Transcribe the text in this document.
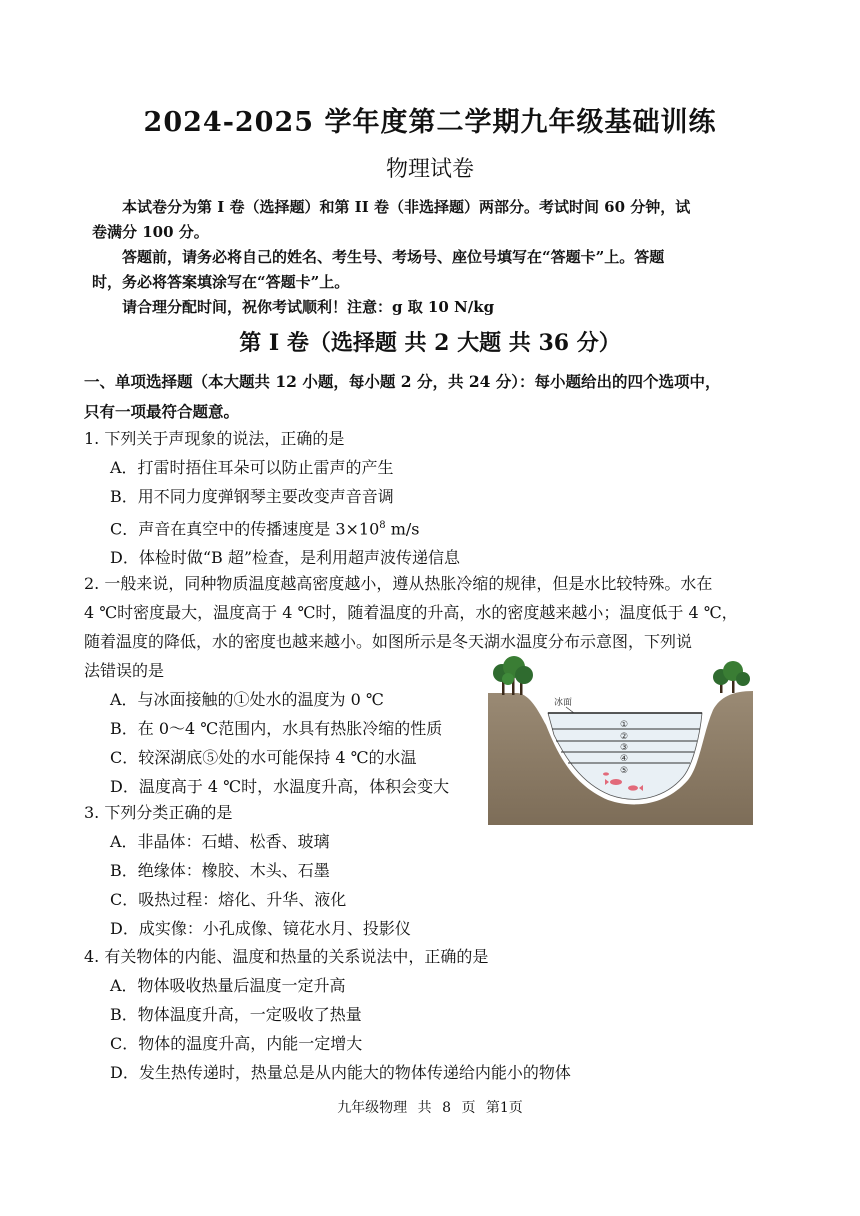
2024-2025 学年度第二学期九年级基础训练
物理试卷

本试卷分为第 I 卷（选择题）和第 II 卷（非选择题）两部分。考试时间 60 分钟，试

卷满分 100 分。

答题前，请务必将自己的姓名、考生号、考场号、座位号填写在“答题卡”上。答题

时，务必将答案填涂写在“答题卡”上。

请合理分配时间，祝你考试顺利！注意：g 取 10 N/kg

第 I 卷（选择题 共 2 大题 共 36 分）
一、单项选择题（本大题共 12 小题，每小题 2 分，共 24 分）：每小题给出的四个选项中，
只有一项最符合题意。

1. 下列关于声现象的说法，正确的是

A．打雷时捂住耳朵可以防止雷声的产生

B．用不同力度弹钢琴主要改变声音音调

C．声音在真空中的传播速度是 $3\times 10^8$ m/s

D．体检时做“B 超”检查，是利用超声波传递信息

2. 一般来说，同种物质温度越高密度越小，遵从热胀冷缩的规律，但是水比较特殊。水在

4 ℃时密度最大，温度高于 4 ℃时，随着温度的升高，水的密度越来越小；温度低于 4 ℃，

随着温度的降低，水的密度也越来越小。如图所示是冬天湖水温度分布示意图，下列说

法错误的是

A．与冰面接触的①处水的温度为 0 ℃

B．在 0～4 ℃范围内，水具有热胀冷缩的性质

C．较深湖底⑤处的水可能保持 4 ℃的水温

D．温度高于 4 ℃时，水温度升高，体积会变大

①
②
③
④
⑤
冰面

3. 下列分类正确的是

A．非晶体：石蜡、松香、玻璃

B．绝缘体：橡胶、木头、石墨

C．吸热过程：熔化、升华、液化

D．成实像：小孔成像、镜花水月、投影仪

4. 有关物体的内能、温度和热量的关系说法中，正确的是

A．物体吸收热量后温度一定升高

B．物体温度升高，一定吸收了热量

C．物体的温度升高，内能一定增大

D．发生热传递时，热量总是从内能大的物体传递给内能小的物体

九年级物理 共 8 页 第1页
